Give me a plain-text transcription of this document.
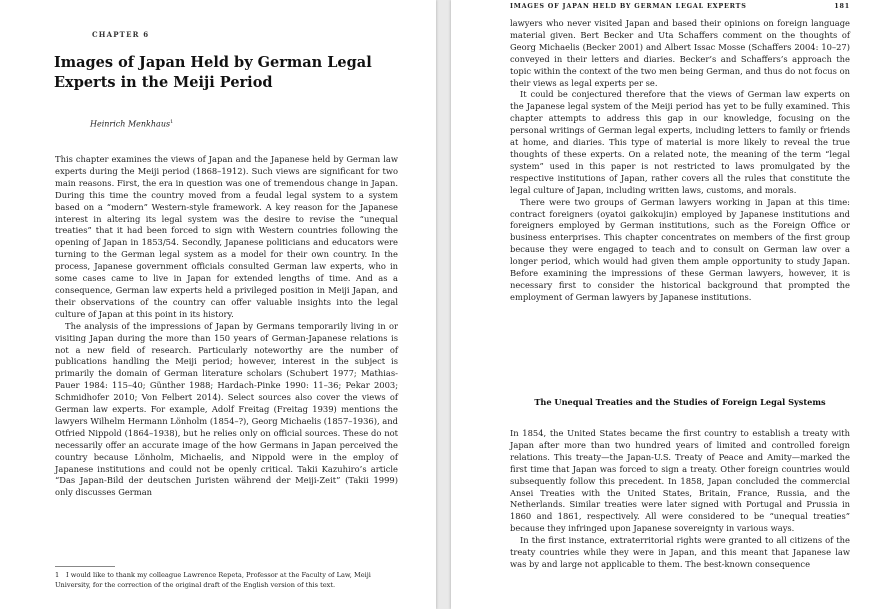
CHAPTER 6
Images of Japan Held by German Legal Experts in the Meiji Period
Heinrich Menkhaus$^1$

This chapter examines the views of Japan and the Japanese held by German law experts during the Meiji period (1868–1912). Such views are significant for two main reasons. First, the era in question was one of tremendous change in Japan. During this time the country moved from a feudal legal system to a system based on a “modern” Western-style framework. A key reason for the Japanese interest in altering its legal system was the desire to revise the “unequal treaties” that it had been forced to sign with Western countries following the opening of Japan in 1853/54. Secondly, Japanese politicians and educators were turning to the German legal system as a model for their own country. In the process, Japanese government officials consulted German law experts, who in some cases came to live in Japan for extended lengths of time. And as a consequence, German law experts held a privileged position in Meiji Japan, and their observations of the country can offer valuable insights into the legal culture of Japan at this point in its history.

The analysis of the impressions of Japan by Germans temporarily living in or visiting Japan during the more than 150 years of German-Japanese relations is not a new field of research. Particularly noteworthy are the number of publications handling the Meiji period; however, interest in the subject is primarily the domain of German literature scholars (Schubert 1977; Mathias-Pauer 1984: 115–40; Günther 1988; Hardach-Pinke 1990: 11–36; Pekar 2003; Schmidhofer 2010; Von Felbert 2014). Select sources also cover the views of German law experts. For example, Adolf Freitag (Freitag 1939) mentions the lawyers Wilhelm Hermann Lönholm (1854–?), Georg Michaelis (1857–1936), and Otfried Nippold (1864–1938), but he relies only on official sources. These do not necessarily offer an accurate image of the how Germans in Japan perceived the country because Lönholm, Michaelis, and Nippold were in the employ of Japanese institutions and could not be openly critical. Takii Kazuhiro’s article “Das Japan-Bild der deutschen Juristen während der Meiji-Zeit” (Takii 1999) only discusses German

1 I would like to thank my colleague Lawrence Repeta, Professor at the Faculty of Law, Meiji University, for the correction of the original draft of the English version of this text.
IMAGES OF JAPAN HELD BY GERMAN LEGAL EXPERTS	181

lawyers who never visited Japan and based their opinions on foreign language material given. Bert Becker and Uta Schaffers comment on the thoughts of Georg Michaelis (Becker 2001) and Albert Issac Mosse (Schaffers 2004: 10–27) conveyed in their letters and diaries. Becker’s and Schaffers’s approach the topic within the context of the two men being German, and thus do not focus on their views as legal experts per se.

It could be conjectured therefore that the views of German law experts on the Japanese legal system of the Meiji period has yet to be fully examined. This chapter attempts to address this gap in our knowledge, focusing on the personal writings of German legal experts, including letters to family or friends at home, and diaries. This type of material is more likely to reveal the true thoughts of these experts. On a related note, the meaning of the term “legal system” used in this paper is not restricted to laws promulgated by the respective institutions of Japan, rather covers all the rules that constitute the legal culture of Japan, including written laws, customs, and morals.

There were two groups of German lawyers working in Japan at this time: contract foreigners (oyatoi gaikokujin) employed by Japanese institutions and foreigners employed by German institutions, such as the Foreign Office or business enterprises. This chapter concentrates on members of the first group because they were engaged to teach and to consult on German law over a longer period, which would had given them ample opportunity to study Japan. Before examining the impressions of these German lawyers, however, it is necessary first to consider the historical background that prompted the employment of German lawyers by Japanese institutions.

The Unequal Treaties and the Studies of Foreign Legal Systems

In 1854, the United States became the first country to establish a treaty with Japan after more than two hundred years of limited and controlled foreign relations. This treaty—the Japan-U.S. Treaty of Peace and Amity—marked the first time that Japan was forced to sign a treaty. Other foreign countries would subsequently follow this precedent. In 1858, Japan concluded the commercial Ansei Treaties with the United States, Britain, France, Russia, and the Netherlands. Similar treaties were later signed with Portugal and Prussia in 1860 and 1861, respectively. All were considered to be “unequal treaties” because they infringed upon Japanese sovereignty in various ways.

In the first instance, extraterritorial rights were granted to all citizens of the treaty countries while they were in Japan, and this meant that Japanese law was by and large not applicable to them. The best-known consequence
